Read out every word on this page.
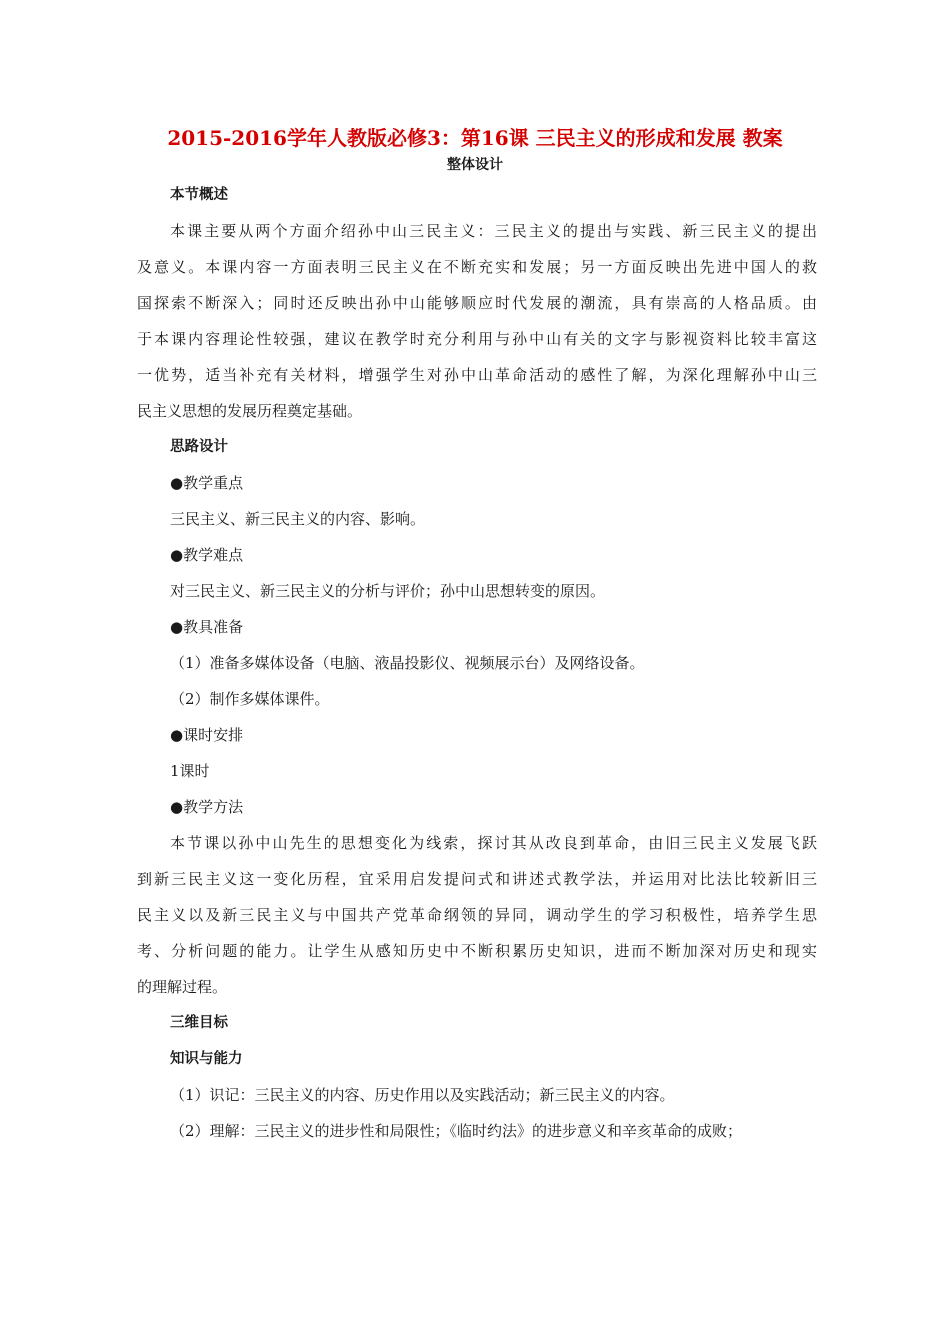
2015-2016学年人教版必修3：第16课 三民主义的形成和发展 教案
整体设计
本节概述
本课主要从两个方面介绍孙中山三民主义：三民主义的提出与实践、新三民主义的提出
及意义。本课内容一方面表明三民主义在不断充实和发展；另一方面反映出先进中国人的救
国探索不断深入；同时还反映出孙中山能够顺应时代发展的潮流，具有崇高的人格品质。由
于本课内容理论性较强，建议在教学时充分利用与孙中山有关的文字与影视资料比较丰富这
一优势，适当补充有关材料，增强学生对孙中山革命活动的感性了解，为深化理解孙中山三
民主义思想的发展历程奠定基础。
思路设计
● 教学重点
三民主义、新三民主义的内容、影响。
● 教学难点
对三民主义、新三民主义的分析与评价；孙中山思想转变的原因。
● 教具准备
（1）准备多媒体设备（电脑、液晶投影仪、视频展示台）及网络设备。
（2）制作多媒体课件。
● 课时安排
1课时
● 教学方法
本节课以孙中山先生的思想变化为线索，探讨其从改良到革命，由旧三民主义发展飞跃
到新三民主义这一变化历程，宜采用启发提问式和讲述式教学法，并运用对比法比较新旧三
民主义以及新三民主义与中国共产党革命纲领的异同，调动学生的学习积极性，培养学生思
考、分析问题的能力。让学生从感知历史中不断积累历史知识，进而不断加深对历史和现实
的理解过程。
三维目标
知识与能力
（1）识记：三民主义的内容、历史作用以及实践活动；新三民主义的内容。
（2）理解：三民主义的进步性和局限性；《临时约法》的进步意义和辛亥革命的成败；
